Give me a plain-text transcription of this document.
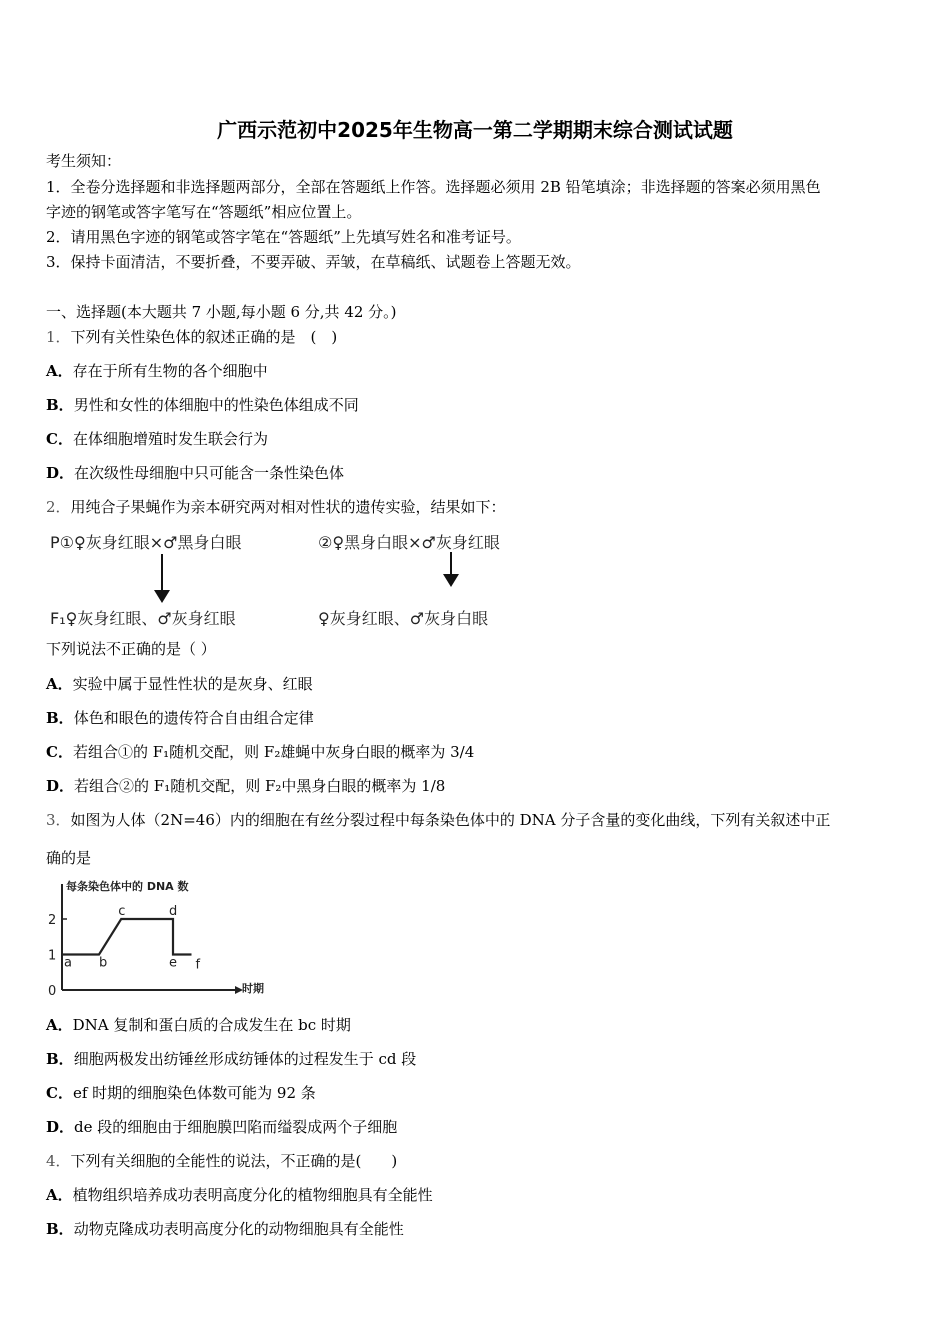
广西示范初中2025年生物高一第二学期期末综合测试试题
考生须知：
1．全卷分选择题和非选择题两部分，全部在答题纸上作答。选择题必须用 2B 铅笔填涂；非选择题的答案必须用黑色
字迹的钢笔或答字笔写在“答题纸”相应位置上。
2．请用黑色字迹的钢笔或答字笔在“答题纸”上先填写姓名和准考证号。
3．保持卡面清洁，不要折叠，不要弄破、弄皱，在草稿纸、试题卷上答题无效。
一、选择题(本大题共 7 小题,每小题 6 分,共 42 分。)
1．下列有关性染色体的叙述正确的是　(　)
A．存在于所有生物的各个细胞中
B．男性和女性的体细胞中的性染色体组成不同
C．在体细胞增殖时发生联会行为
D．在次级性母细胞中只可能含一条性染色体
2．用纯合子果蝇作为亲本研究两对相对性状的遗传实验，结果如下：
P①♀灰身红眼×♂黑身白眼
F₁♀灰身红眼、♂灰身红眼
②♀黑身白眼×♂灰身红眼
♀灰身红眼、♂灰身白眼
下列说法不正确的是（ ）
A．实验中属于显性性状的是灰身、红眼
B．体色和眼色的遗传符合自由组合定律
C．若组合①的 F₁随机交配，则 F₂雄蝇中灰身白眼的概率为 3/4
D．若组合②的 F₁随机交配，则 F₂中黑身白眼的概率为 1/8
3．如图为人体（2N=46）内的细胞在有丝分裂过程中每条染色体中的 DNA 分子含量的变化曲线，下列有关叙述中正
确的是
每条染色体中的 DNA 数
时期
0
1
2
a b
c	d
e f
A．DNA 复制和蛋白质的合成发生在 bc 时期
B．细胞两极发出纺锤丝形成纺锤体的过程发生于 cd 段
C．ef 时期的细胞染色体数可能为 92 条
D．de 段的细胞由于细胞膜凹陷而缢裂成两个子细胞
4．下列有关细胞的全能性的说法，不正确的是(　　)
A．植物组织培养成功表明高度分化的植物细胞具有全能性
B．动物克隆成功表明高度分化的动物细胞具有全能性
